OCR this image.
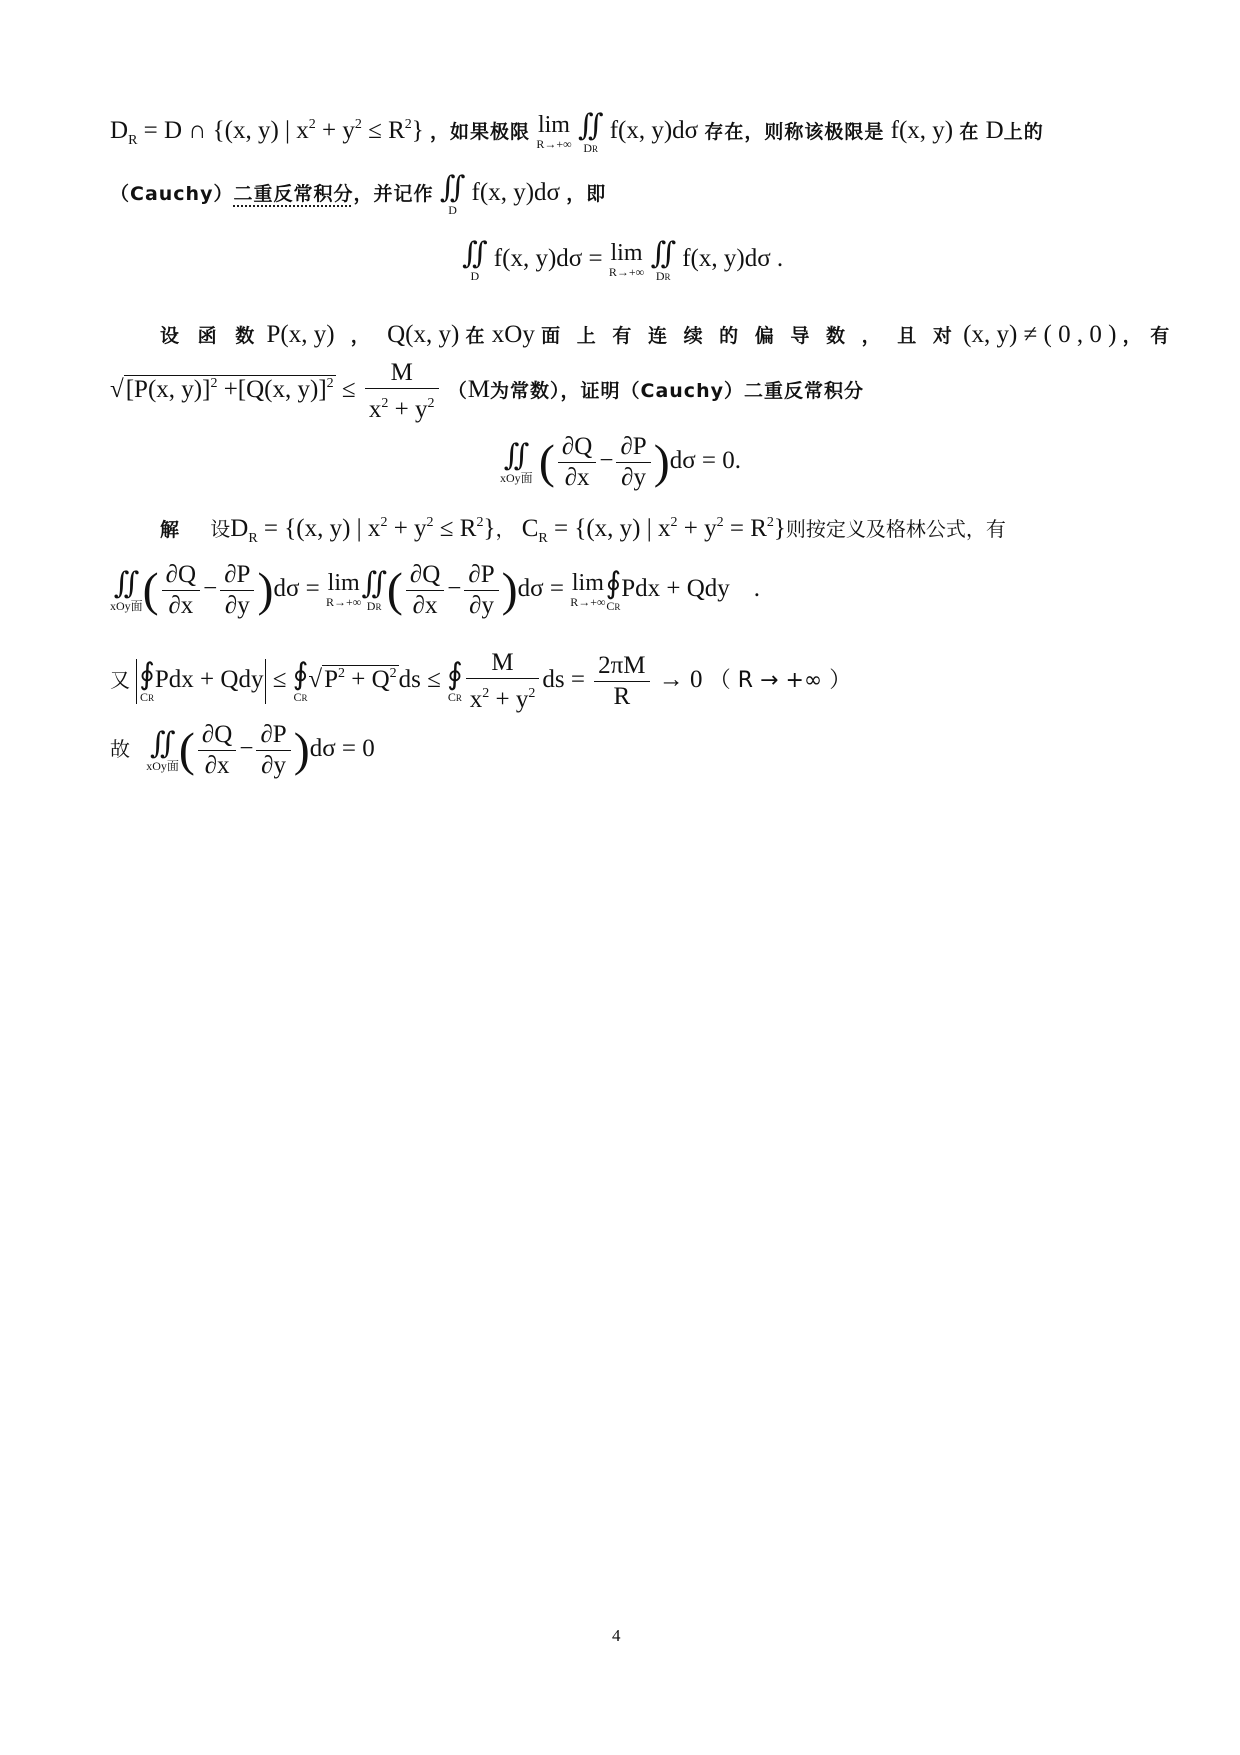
$D_R = D$ ∩ {(x, y) | $x^2 + y^2 \le R^2$} ，如果极限 lim
R→+∞

∬
DR
f(x, y)dσ 存在，则称该极限是 f(x, y) 在 D上的
（Cauchy）二重反常积分，并记作 ∬
D
f(x, y)dσ ，即
∬
D
f(x, y)dσ = lim
R→+∞

∬
DR
f(x, y)dσ .
设 函 数 P(x, y) ， Q(x, y) 在 xOy 面 上 有 连 续 的 偏 导 数 ， 且 对 (x, y) ≠ ( 0 , 0 ) ， 有
√[P(x, y)]$^2$ +[Q(x, $y)]^2 \le \frac{M}{x^2 + y^2} (M$为常数），证明（Cauchy）二重反常积分
∬
xOy面 ( $\frac{\partial Q}{\partial x} - \frac{\partial P}{\partial y} )d\sigma = 0$.
解 设$D_R = \{(x$, y) | $x^2 + y^2 \le R^2$}， $C_R = \{(x$, y) | $x^2 + y^2 = R^2$}则按定义及格林公式，有
∬
xOy面 ( $\frac{\partial Q}{\partial x} - \frac{\partial P}{\partial y} )d\sigma = \lim$
R→+∞
∬
DR ( $\frac{\partial Q}{\partial x} - \frac{\partial P}{\partial y} )d\sigma = \lim$
R→+∞
∮
CR
Pdx + Qdy .
又 ∮
CR
Pdx + Qdy ≤ ∮
CR
$√P^2 + Q^2ds$ ≤ ∮
CR $\frac{M}{x^2 + y^2}$ ds = $\frac{2\pi M}{R} \to 0$ （ R → +∞ ）
故 ∬
xOy面 ( $\frac{\partial Q}{\partial x} - \frac{\partial P}{\partial y} )d\sigma = 0$
4
